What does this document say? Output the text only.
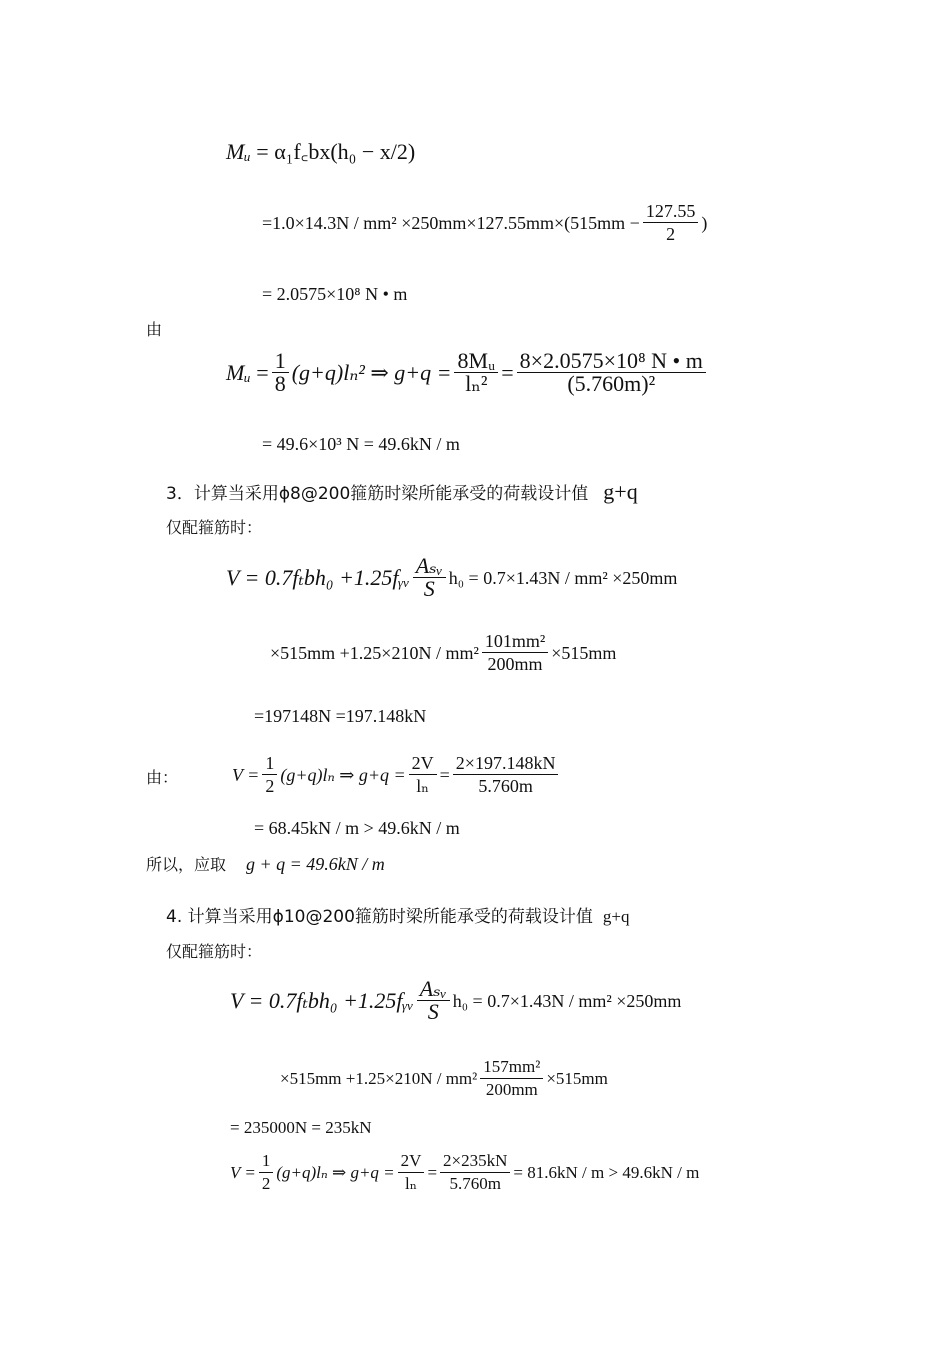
Mᵤ = α₁f꜀bx(h₀ − x/2)
$=1.0\times 14.3N / mm^2 \times 250mm\times 127.55mm\times(515mm - \frac{127.55}{2}$ )
= 2.0575×10⁸ N • m
由
Mᵤ = $\frac{1}{8} (g+q)l_n^2$ ⇒ $g+q = \frac{\text{8Mᵤ}}{\text{lₙ²}} = \frac{\text{8×2.0575×10⁸ N • m}}{\text{(5.760m)²}}$
= 49.6×10³ N = 49.6kN / m
3．计算当采用ϕ8@200箍筋时梁所能承受的荷载设计值 g+q
仅配箍筋时：
V = 0.7fₜbh₀ +1.25fᵧᵥ $\frac{\text{Aₛᵥ}}{S} h_0 = 0.7\times 1.43N / mm^2 \times 250mm$
$\times 515mm +1.25\times 210N / mm^2 \frac{\text{101mm²}}{200mm} \times 515mm$
=197148N =197.148kN
由：	$V = \frac{1}{2} (g+q)l_n$ ⇒ $g+q = \frac{2V}{\text{lₙ}} = \frac{2\times 197.148kN}{5.760m}$
= 68.45kN / m > 49.6kN / m
所以，应取 g + q = 49.6kN / m
4. 计算当采用ϕ10@200箍筋时梁所能承受的荷载设计值 g+q
仅配箍筋时：
V = 0.7fₜbh₀ +1.25fᵧᵥ $\frac{\text{Aₛᵥ}}{S} h_0 = 0.7\times 1.43N / mm^2 \times 250mm$
$\times 515mm +1.25\times 210N / mm^2 \frac{\text{157mm²}}{200mm} \times 515mm$
= 235000N = 235kN
$V = \frac{1}{2} (g+q)l_n$ ⇒ $g+q = \frac{2V}{\text{lₙ}} = \frac{2\times 235kN}{5.760m} = 81.6kN / m > 49.6kN / m$
